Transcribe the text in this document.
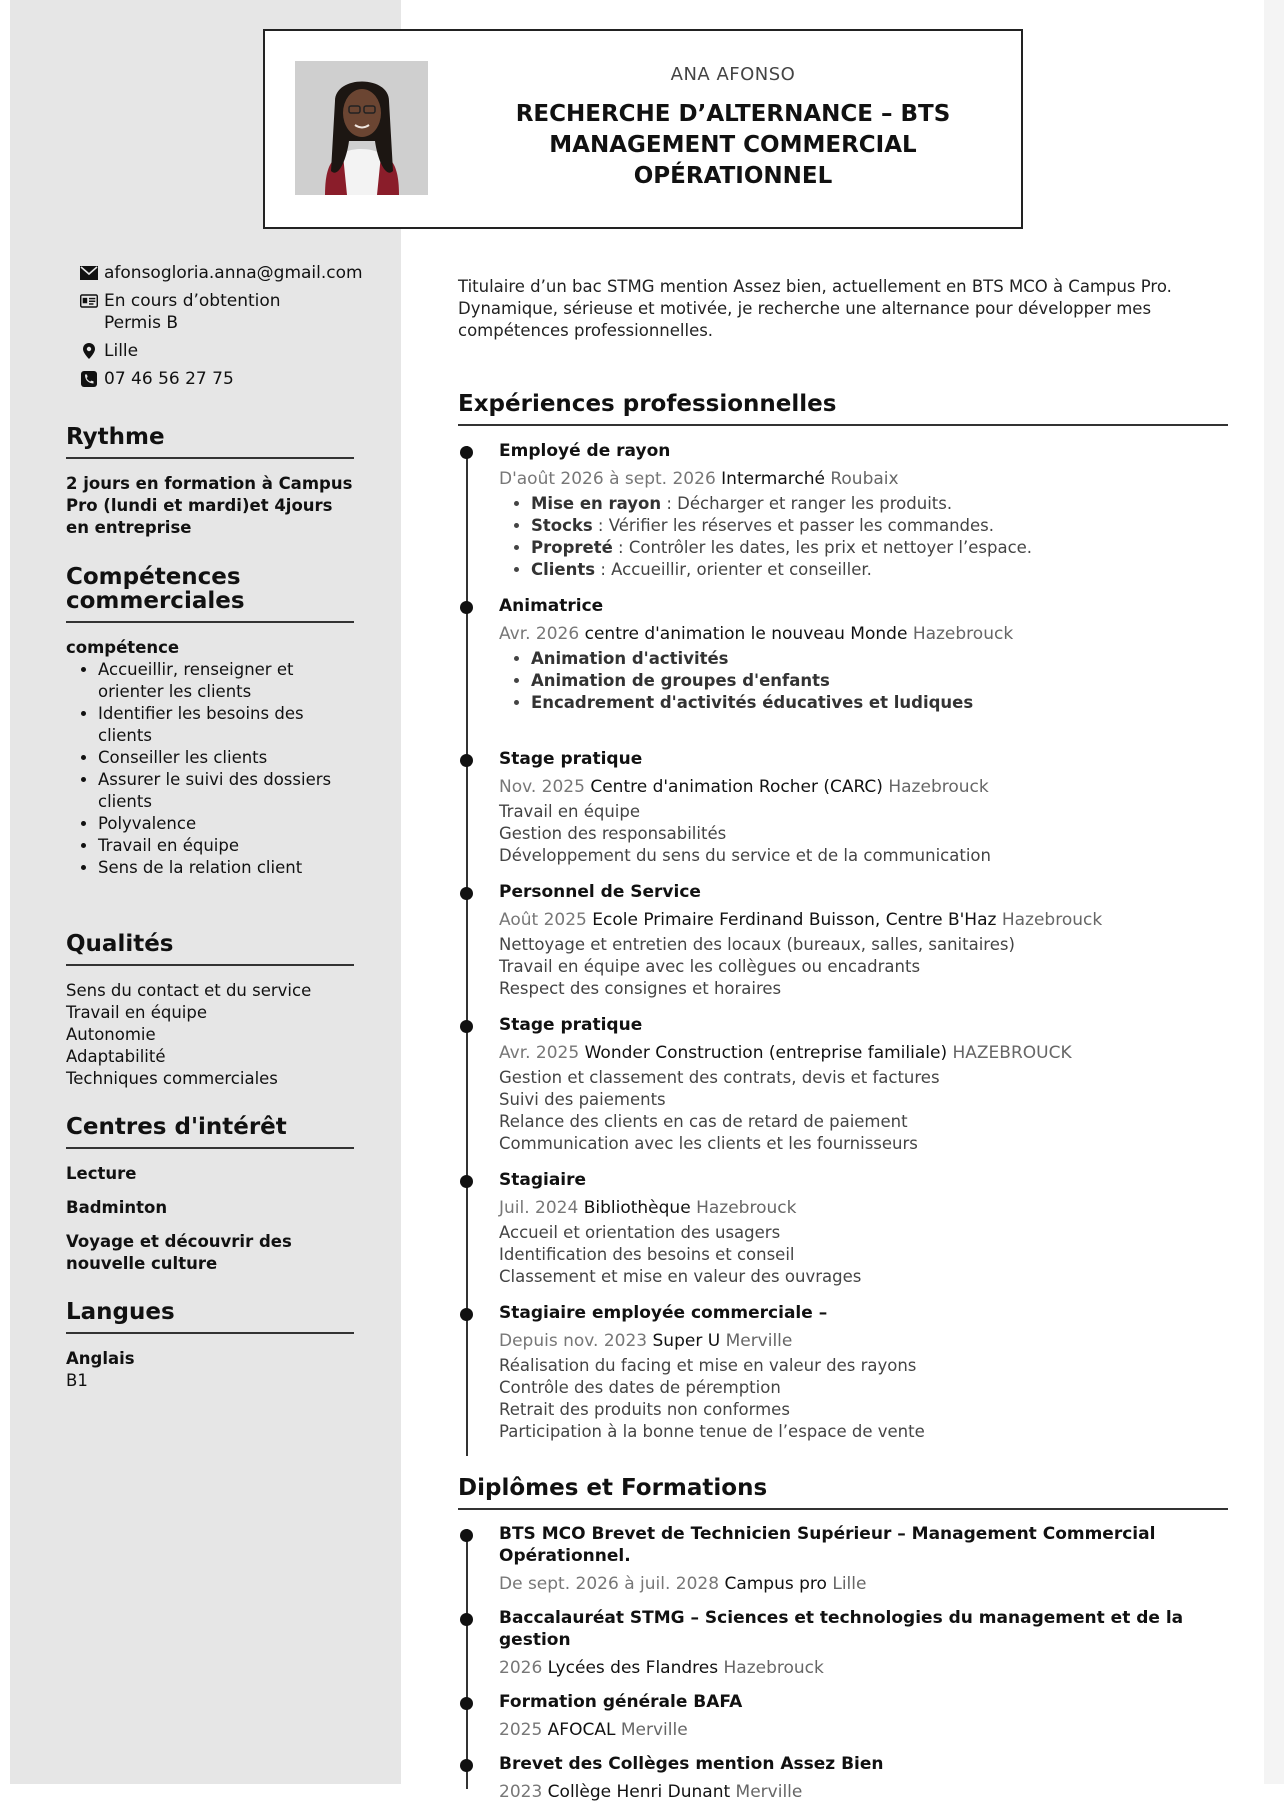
ANA AFONSO
RECHERCHE D’ALTERNANCE – BTS MANAGEMENT COMMERCIAL OPÉRATIONNEL
afonsogloria.anna@gmail.com
En cours d’obtention
Permis B
Lille
07 46 56 27 75
Rythme
2 jours en formation à Campus Pro (lundi et mardi)et 4jours en entreprise
Compétences commerciales
compétence
• Accueillir, renseigner et orienter les clients
• Identifier les besoins des clients
• Conseiller les clients
• Assurer le suivi des dossiers clients
• Polyvalence
• Travail en équipe
• Sens de la relation client
Qualités
Sens du contact et du service
Travail en équipe
Autonomie
Adaptabilité
Techniques commerciales
Centres d'intérêt
Lecture
Badminton
Voyage et découvrir des nouvelle culture
Langues
Anglais
B1
Titulaire d’un bac STMG mention Assez bien, actuellement en BTS MCO à Campus Pro. Dynamique, sérieuse et motivée, je recherche une alternance pour développer mes compétences professionnelles.
Expériences professionnelles
Employé de rayon
D'août 2026 à sept. 2026 Intermarché Roubaix
• Mise en rayon : Décharger et ranger les produits.
• Stocks : Vérifier les réserves et passer les commandes.
• Propreté : Contrôler les dates, les prix et nettoyer l’espace.
• Clients : Accueillir, orienter et conseiller.
Animatrice
Avr. 2026 centre d'animation le nouveau Monde Hazebrouck
• Animation d'activités
• Animation de groupes d'enfants
• Encadrement d'activités éducatives et ludiques
Stage pratique
Nov. 2025 Centre d'animation Rocher (CARC) Hazebrouck
Travail en équipe
Gestion des responsabilités
Développement du sens du service et de la communication
Personnel de Service
Août 2025 Ecole Primaire Ferdinand Buisson, Centre B'Haz Hazebrouck
Nettoyage et entretien des locaux (bureaux, salles, sanitaires)
Travail en équipe avec les collègues ou encadrants
Respect des consignes et horaires
Stage pratique
Avr. 2025 Wonder Construction (entreprise familiale) HAZEBROUCK
Gestion et classement des contrats, devis et factures
Suivi des paiements
Relance des clients en cas de retard de paiement
Communication avec les clients et les fournisseurs
Stagiaire
Juil. 2024 Bibliothèque Hazebrouck
Accueil et orientation des usagers
Identification des besoins et conseil
Classement et mise en valeur des ouvrages
Stagiaire employée commerciale –
Depuis nov. 2023 Super U Merville
Réalisation du facing et mise en valeur des rayons
Contrôle des dates de péremption
Retrait des produits non conformes
Participation à la bonne tenue de l’espace de vente
Diplômes et Formations
BTS MCO Brevet de Technicien Supérieur – Management Commercial Opérationnel.
De sept. 2026 à juil. 2028 Campus pro Lille
Baccalauréat STMG – Sciences et technologies du management et de la gestion
2026 Lycées des Flandres Hazebrouck
Formation générale BAFA
2025 AFOCAL Merville
Brevet des Collèges mention Assez Bien
2023 Collège Henri Dunant Merville
